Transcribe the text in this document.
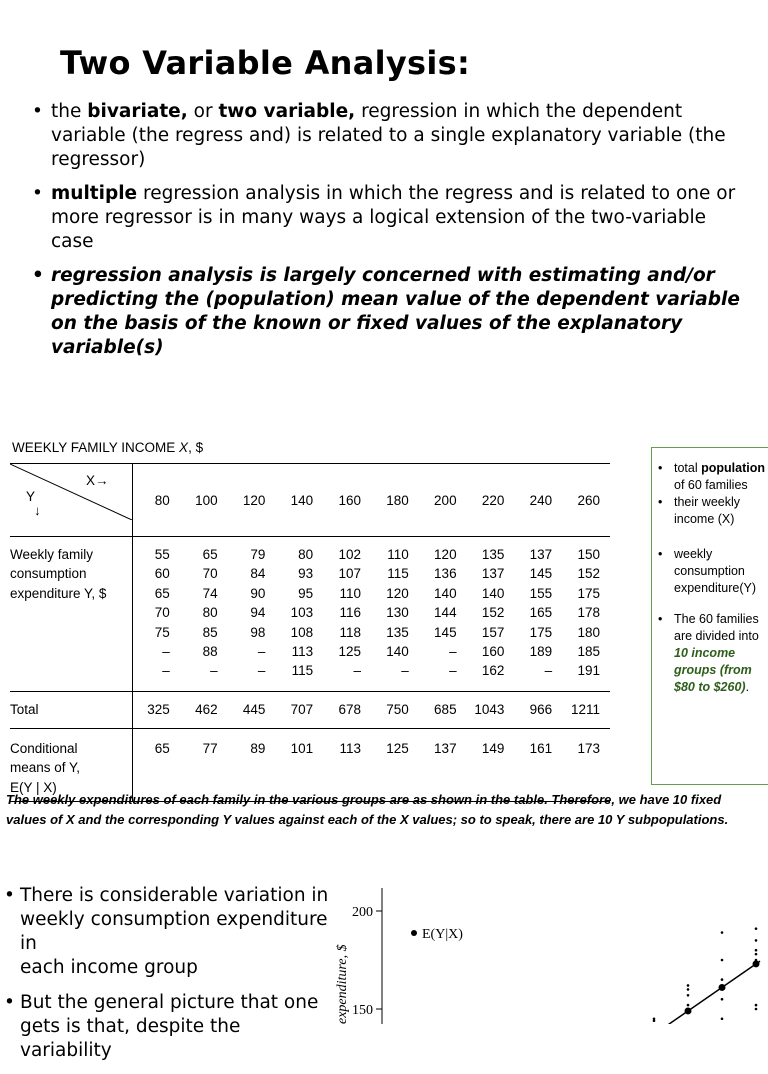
Two Variable Analysis:
• the bivariate, or two variable, regression in which the dependent variable (the regress and) is related to a single explanatory variable (the regressor)
• multiple regression analysis in which the regress and is related to one or more regressor is in many ways a logical extension of the two-variable case
• regression analysis is largely concerned with estimating and/or predicting the (population) mean value of the dependent variable on the basis of the known or fixed values of the explanatory variable(s)

WEEKLY FAMILY INCOME X, $

X→
Y
↓	80	100	120	140	160	180	200	220	240	260
Weekly family	55	65	79	80	102	110	120	135	137	150
consumption	60	70	84	93	107	115	136	137	145	152
expenditure Y, $	65	74	90	95	110	120	140	140	155	175
	70	80	94	103	116	130	144	152	165	178
	75	85	98	108	118	135	145	157	175	180
	–	88	–	113	125	140	–	160	189	185
	–	–	–	115	–	–	–	162	–	191
Total	325	462	445	707	678	750	685	1043	966	1211
Conditional
means of Y,
E(Y | X)	65	77	89	101	113	125	137	149	161	173
• total population of 60 families
• their weekly income (X)
• weekly consumption expenditure(Y)
• The 60 families are divided into 10 income groups (from $80 to $260).

The weekly expenditures of each family in the various groups are as shown in the table. Therefore, we have 10 fixed values of X and the corresponding Y values against each of the X values; so to speak, there are 10 Y subpopulations.

• There is considerable variation in weekly consumption expenditure in
each income group
• But the general picture that one gets is that, despite the variability
200
150
expenditure, $
E(Y|X)
